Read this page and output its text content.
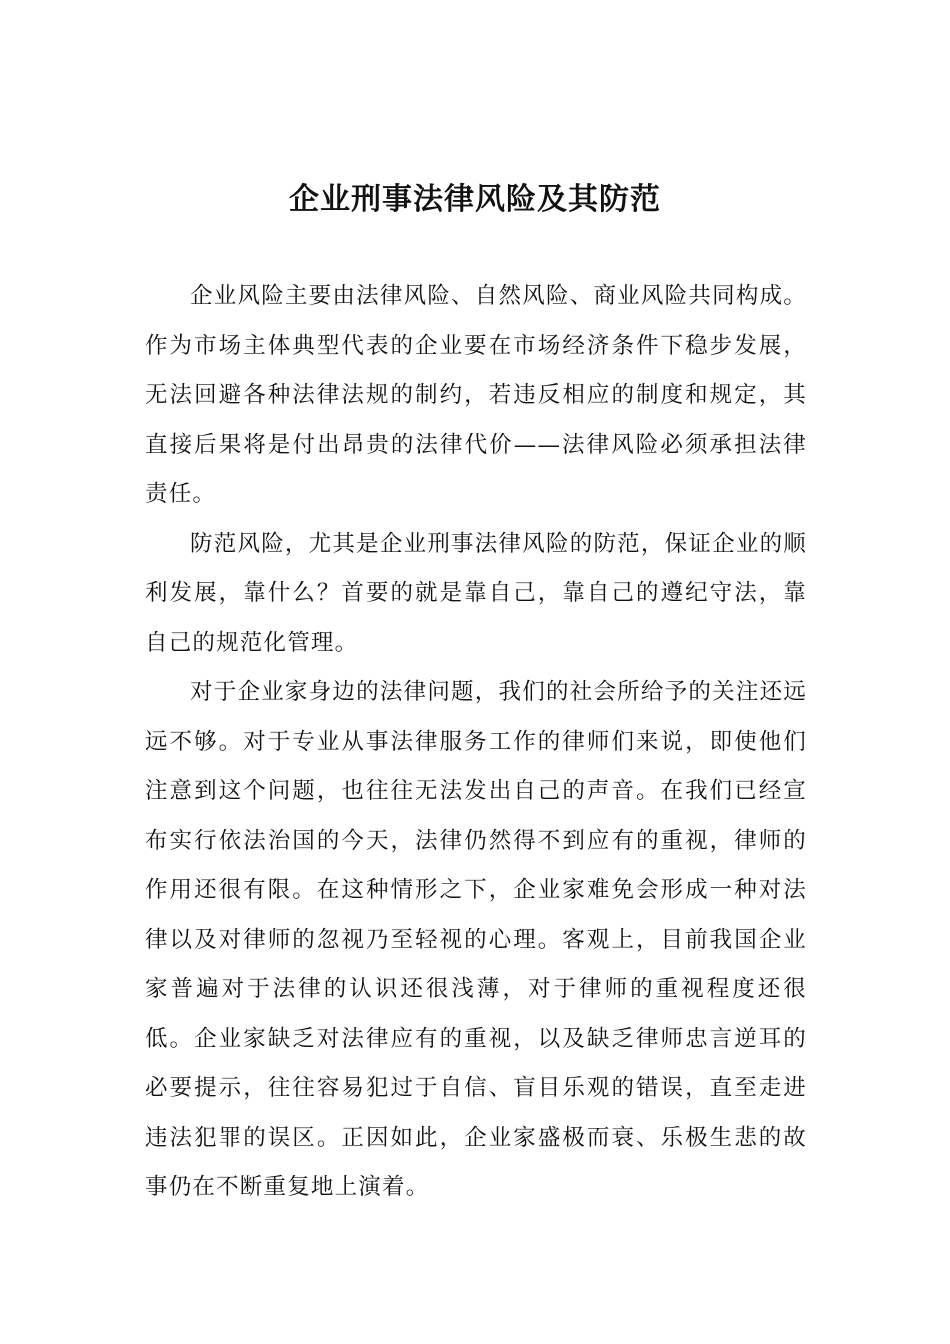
企业刑事法律风险及其防范

企业风险主要由法律风险、自然风险、商业风险共同构成。作为市场主体典型代表的企业要在市场经济条件下稳步发展，无法回避各种法律法规的制约，若违反相应的制度和规定，其直接后果将是付出昂贵的法律代价——法律风险必须承担法律责任。

防范风险，尤其是企业刑事法律风险的防范，保证企业的顺利发展，靠什么？首要的就是靠自己，靠自己的遵纪守法，靠自己的规范化管理。

对于企业家身边的法律问题，我们的社会所给予的关注还远远不够。对于专业从事法律服务工作的律师们来说，即使他们注意到这个问题，也往往无法发出自己的声音。在我们已经宣布实行依法治国的今天，法律仍然得不到应有的重视，律师的作用还很有限。在这种情形之下，企业家难免会形成一种对法律以及对律师的忽视乃至轻视的心理。客观上，目前我国企业家普遍对于法律的认识还很浅薄，对于律师的重视程度还很低。企业家缺乏对法律应有的重视，以及缺乏律师忠言逆耳的必要提示，往往容易犯过于自信、盲目乐观的错误，直至走进违法犯罪的误区。正因如此，企业家盛极而衰、乐极生悲的故事仍在不断重复地上演着。
